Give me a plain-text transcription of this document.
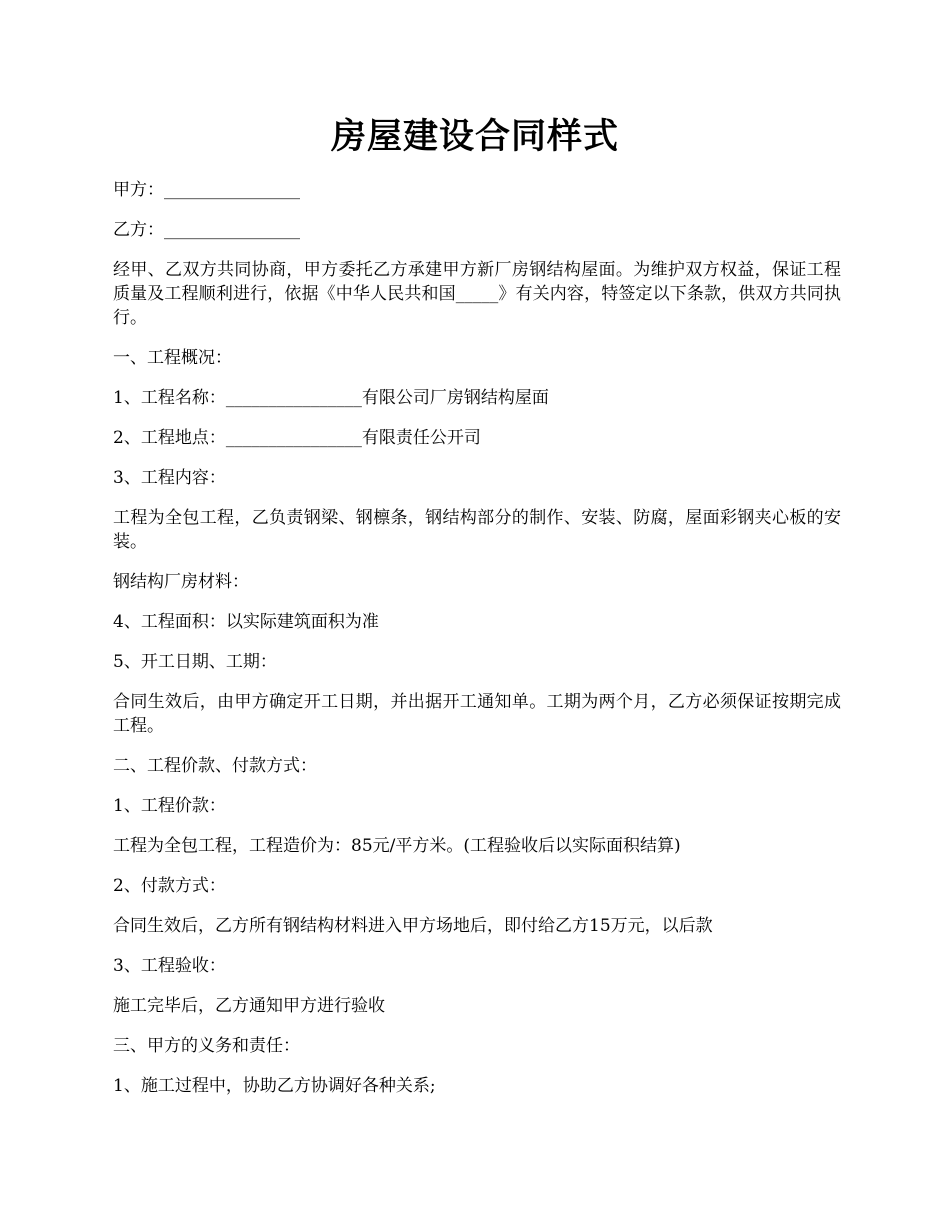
房屋建设合同样式

甲方：________________

乙方：________________

经甲、乙双方共同协商，甲方委托乙方承建甲方新厂房钢结构屋面。为维护双方权益，保证工程质量及工程顺利进行，依据《中华人民共和国_____》有关内容，特签定以下条款，供双方共同执行。

一、工程概况：

1、工程名称：________________有限公司厂房钢结构屋面

2、工程地点：________________有限责任公开司

3、工程内容：

工程为全包工程，乙负责钢梁、钢檩条，钢结构部分的制作、安装、防腐，屋面彩钢夹心板的安装。

钢结构厂房材料：

4、工程面积：以实际建筑面积为准

5、开工日期、工期：

合同生效后，由甲方确定开工日期，并出据开工通知单。工期为两个月，乙方必须保证按期完成工程。

二、工程价款、付款方式：

1、工程价款：

工程为全包工程，工程造价为：85元/平方米。(工程验收后以实际面积结算)

2、付款方式：

合同生效后，乙方所有钢结构材料进入甲方场地后，即付给乙方15万元，以后款

3、工程验收：

施工完毕后，乙方通知甲方进行验收

三、甲方的义务和责任：

1、施工过程中，协助乙方协调好各种关系;
